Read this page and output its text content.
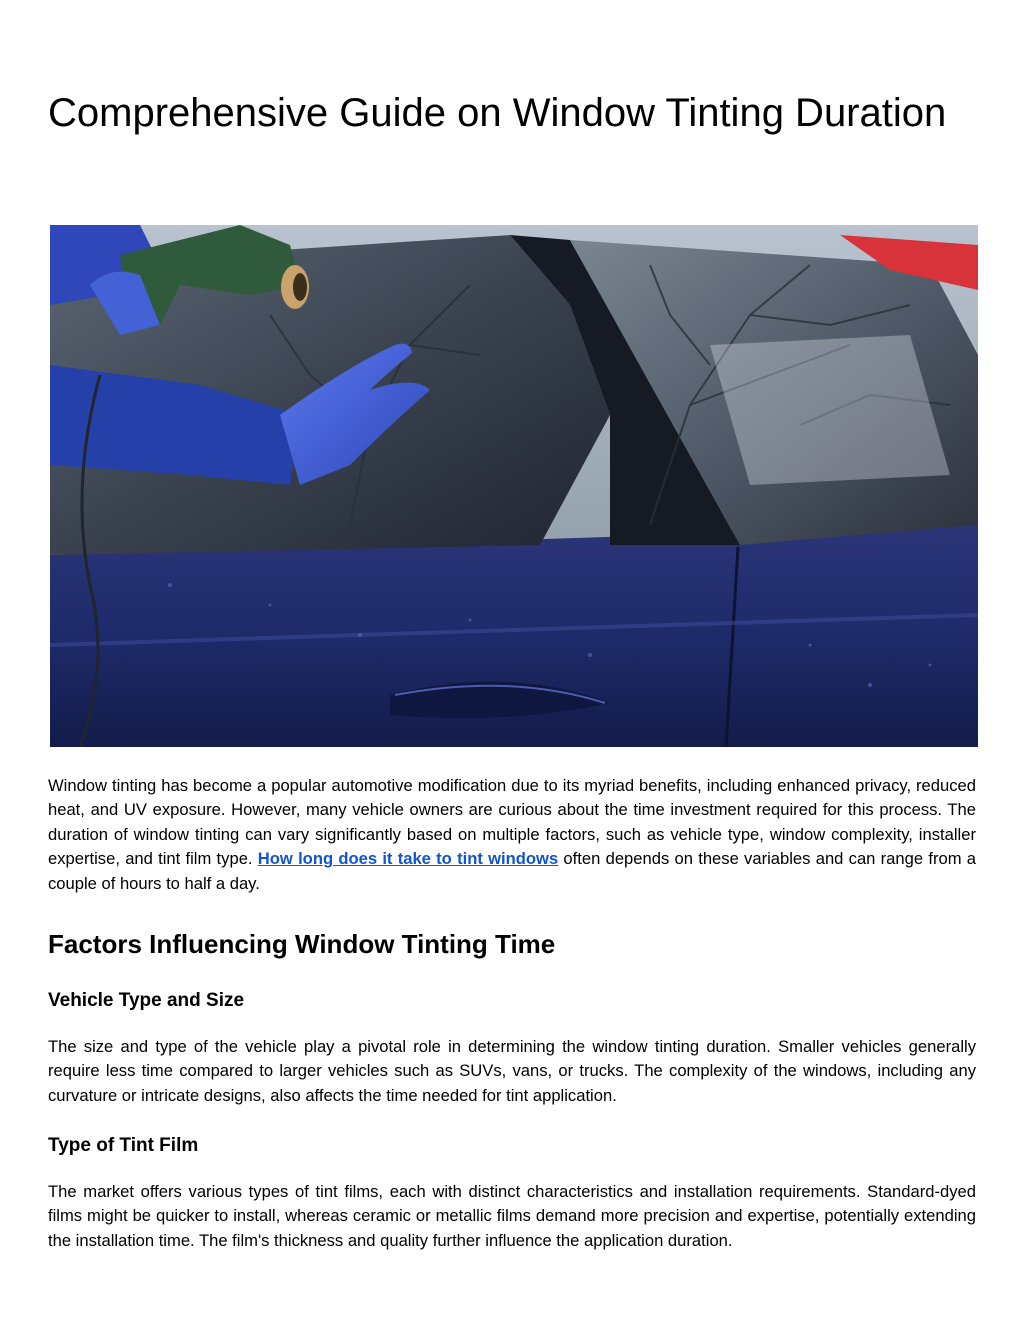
Comprehensive Guide on Window Tinting Duration

Window tinting has become a popular automotive modification due to its myriad benefits, including enhanced privacy, reduced heat, and UV exposure. However, many vehicle owners are curious about the time investment required for this process. The duration of window tinting can vary significantly based on multiple factors, such as vehicle type, window complexity, installer expertise, and tint film type. How long does it take to tint windows often depends on these variables and can range from a couple of hours to half a day.

Factors Influencing Window Tinting Time
Vehicle Type and Size

The size and type of the vehicle play a pivotal role in determining the window tinting duration. Smaller vehicles generally require less time compared to larger vehicles such as SUVs, vans, or trucks. The complexity of the windows, including any curvature or intricate designs, also affects the time needed for tint application.

Type of Tint Film

The market offers various types of tint films, each with distinct characteristics and installation requirements. Standard-dyed films might be quicker to install, whereas ceramic or metallic films demand more precision and expertise, potentially extending the installation time. The film's thickness and quality further influence the application duration.
